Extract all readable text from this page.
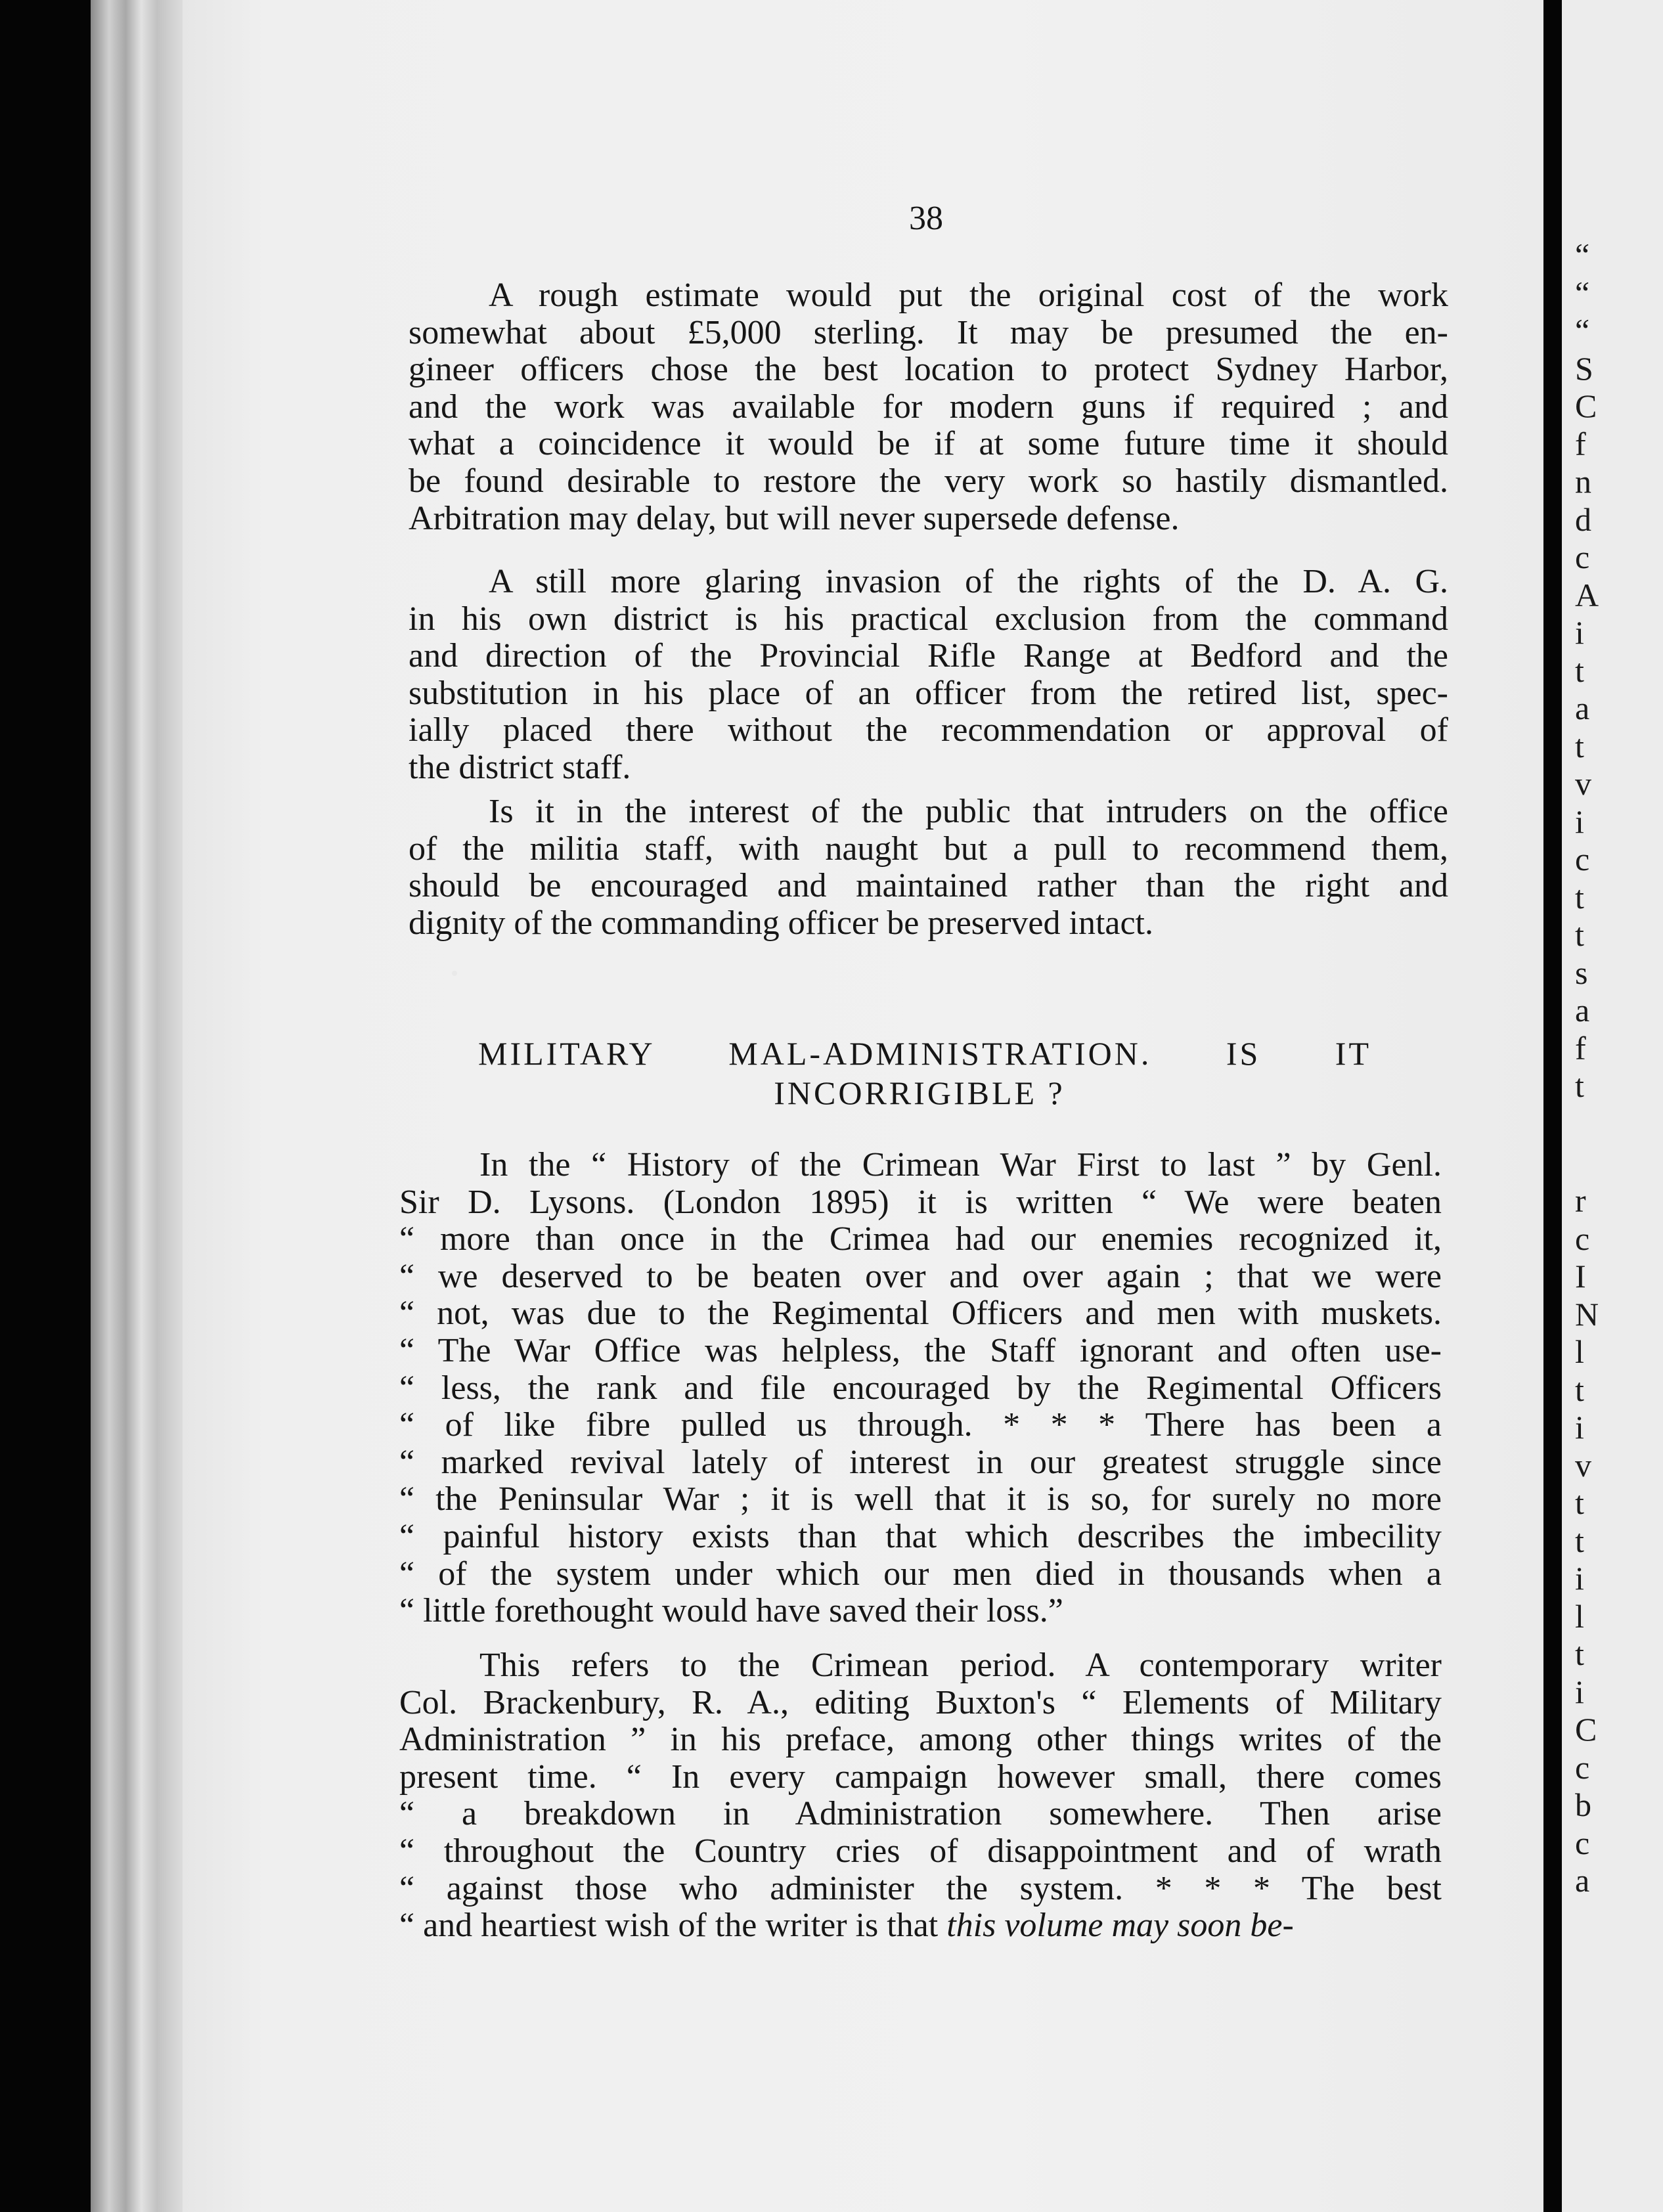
“
“
“
S
C
f
n
d
c
A
i
t
a
t
v
i
c
t
t
s
a
f
t
r
c
I
N
l
t
i
v
t
t
i
l
t
i
C
c
b
c
a
38
A rough estimate would put the original cost of the work
somewhat about £5,000 sterling. It may be presumed the en-
gineer officers chose the best location to protect Sydney Harbor,
and the work was available for modern guns if required ; and
what a coincidence it would be if at some future time it should
be found desirable to restore the very work so hastily dismantled.
Arbitration may delay, but will never supersede defense.
A still more glaring invasion of the rights of the D. A. G.
in his own district is his practical exclusion from the command
and direction of the Provincial Rifle Range at Bedford and the
substitution in his place of an officer from the retired list, spec-
ially placed there without the recommendation or approval of
the district staff.
Is it in the interest of the public that intruders on the office
of the militia staff, with naught but a pull to recommend them,
should be encouraged and maintained rather than the right and
dignity of the commanding officer be preserved intact.
MILITARY MAL-ADMINISTRATION. IS IT
INCORRIGIBLE ?
In the “ History of the Crimean War First to last ” by Genl.
Sir D. Lysons. (London 1895) it is written “ We were beaten
“ more than once in the Crimea had our enemies recognized it,
“ we deserved to be beaten over and over again ; that we were
“ not, was due to the Regimental Officers and men with muskets.
“ The War Office was helpless, the Staff ignorant and often use-
“ less, the rank and file encouraged by the Regimental Officers
“ of like fibre pulled us through. * * * There has been a
“ marked revival lately of interest in our greatest struggle since
“ the Peninsular War ; it is well that it is so, for surely no more
“ painful history exists than that which describes the imbecility
“ of the system under which our men died in thousands when a
“ little forethought would have saved their loss.”
This refers to the Crimean period. A contemporary writer
Col. Brackenbury, R. A., editing Buxton's “ Elements of Military
Administration ” in his preface, among other things writes of the
present time. “ In every campaign however small, there comes
“ a breakdown in Administration somewhere. Then arise
“ throughout the Country cries of disappointment and of wrath
“ against those who administer the system. * * * The best
“ and heartiest wish of the writer is that this volume may soon be-
